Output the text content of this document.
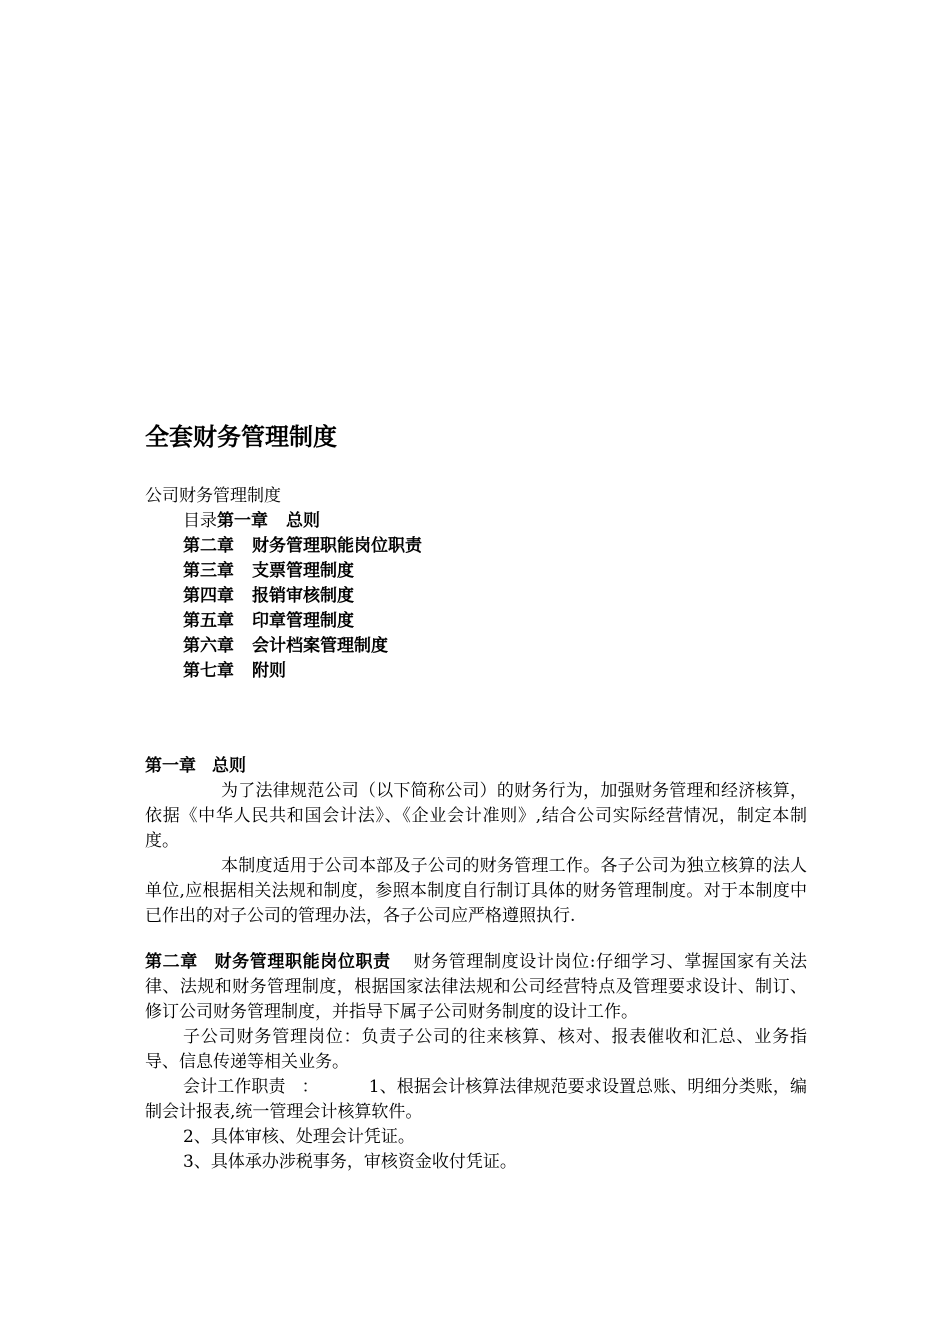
全套财务管理制度
公司财务管理制度
目录第一章 总则
第二章 财务管理职能岗位职责
第三章 支票管理制度
第四章 报销审核制度
第五章 印章管理制度
第六章 会计档案管理制度
第七章 附则

第一章 总则

为了法律规范公司（以下简称公司）的财务行为，加强财务管理和经济核算，依据《中华人民共和国会计法》、《企业会计准则》,结合公司实际经营情况，制定本制度。

本制度适用于公司本部及子公司的财务管理工作。各子公司为独立核算的法人单位,应根据相关法规和制度，参照本制度自行制订具体的财务管理制度。对于本制度中已作出的对子公司的管理办法，各子公司应严格遵照执行.

第二章 财务管理职能岗位职责 财务管理制度设计岗位:仔细学习、掌握国家有关法律、法规和财务管理制度，根据国家法律法规和公司经营特点及管理要求设计、制订、修订公司财务管理制度，并指导下属子公司财务制度的设计工作。

子公司财务管理岗位：负责子公司的往来核算、核对、报表催收和汇总、业务指导、信息传递等相关业务。

会计工作职责 ：	1、根据会计核算法律规范要求设置总账、明细分类账，编制会计报表,统一管理会计核算软件。

2、具体审核、处理会计凭证。

3、具体承办涉税事务，审核资金收付凭证。
